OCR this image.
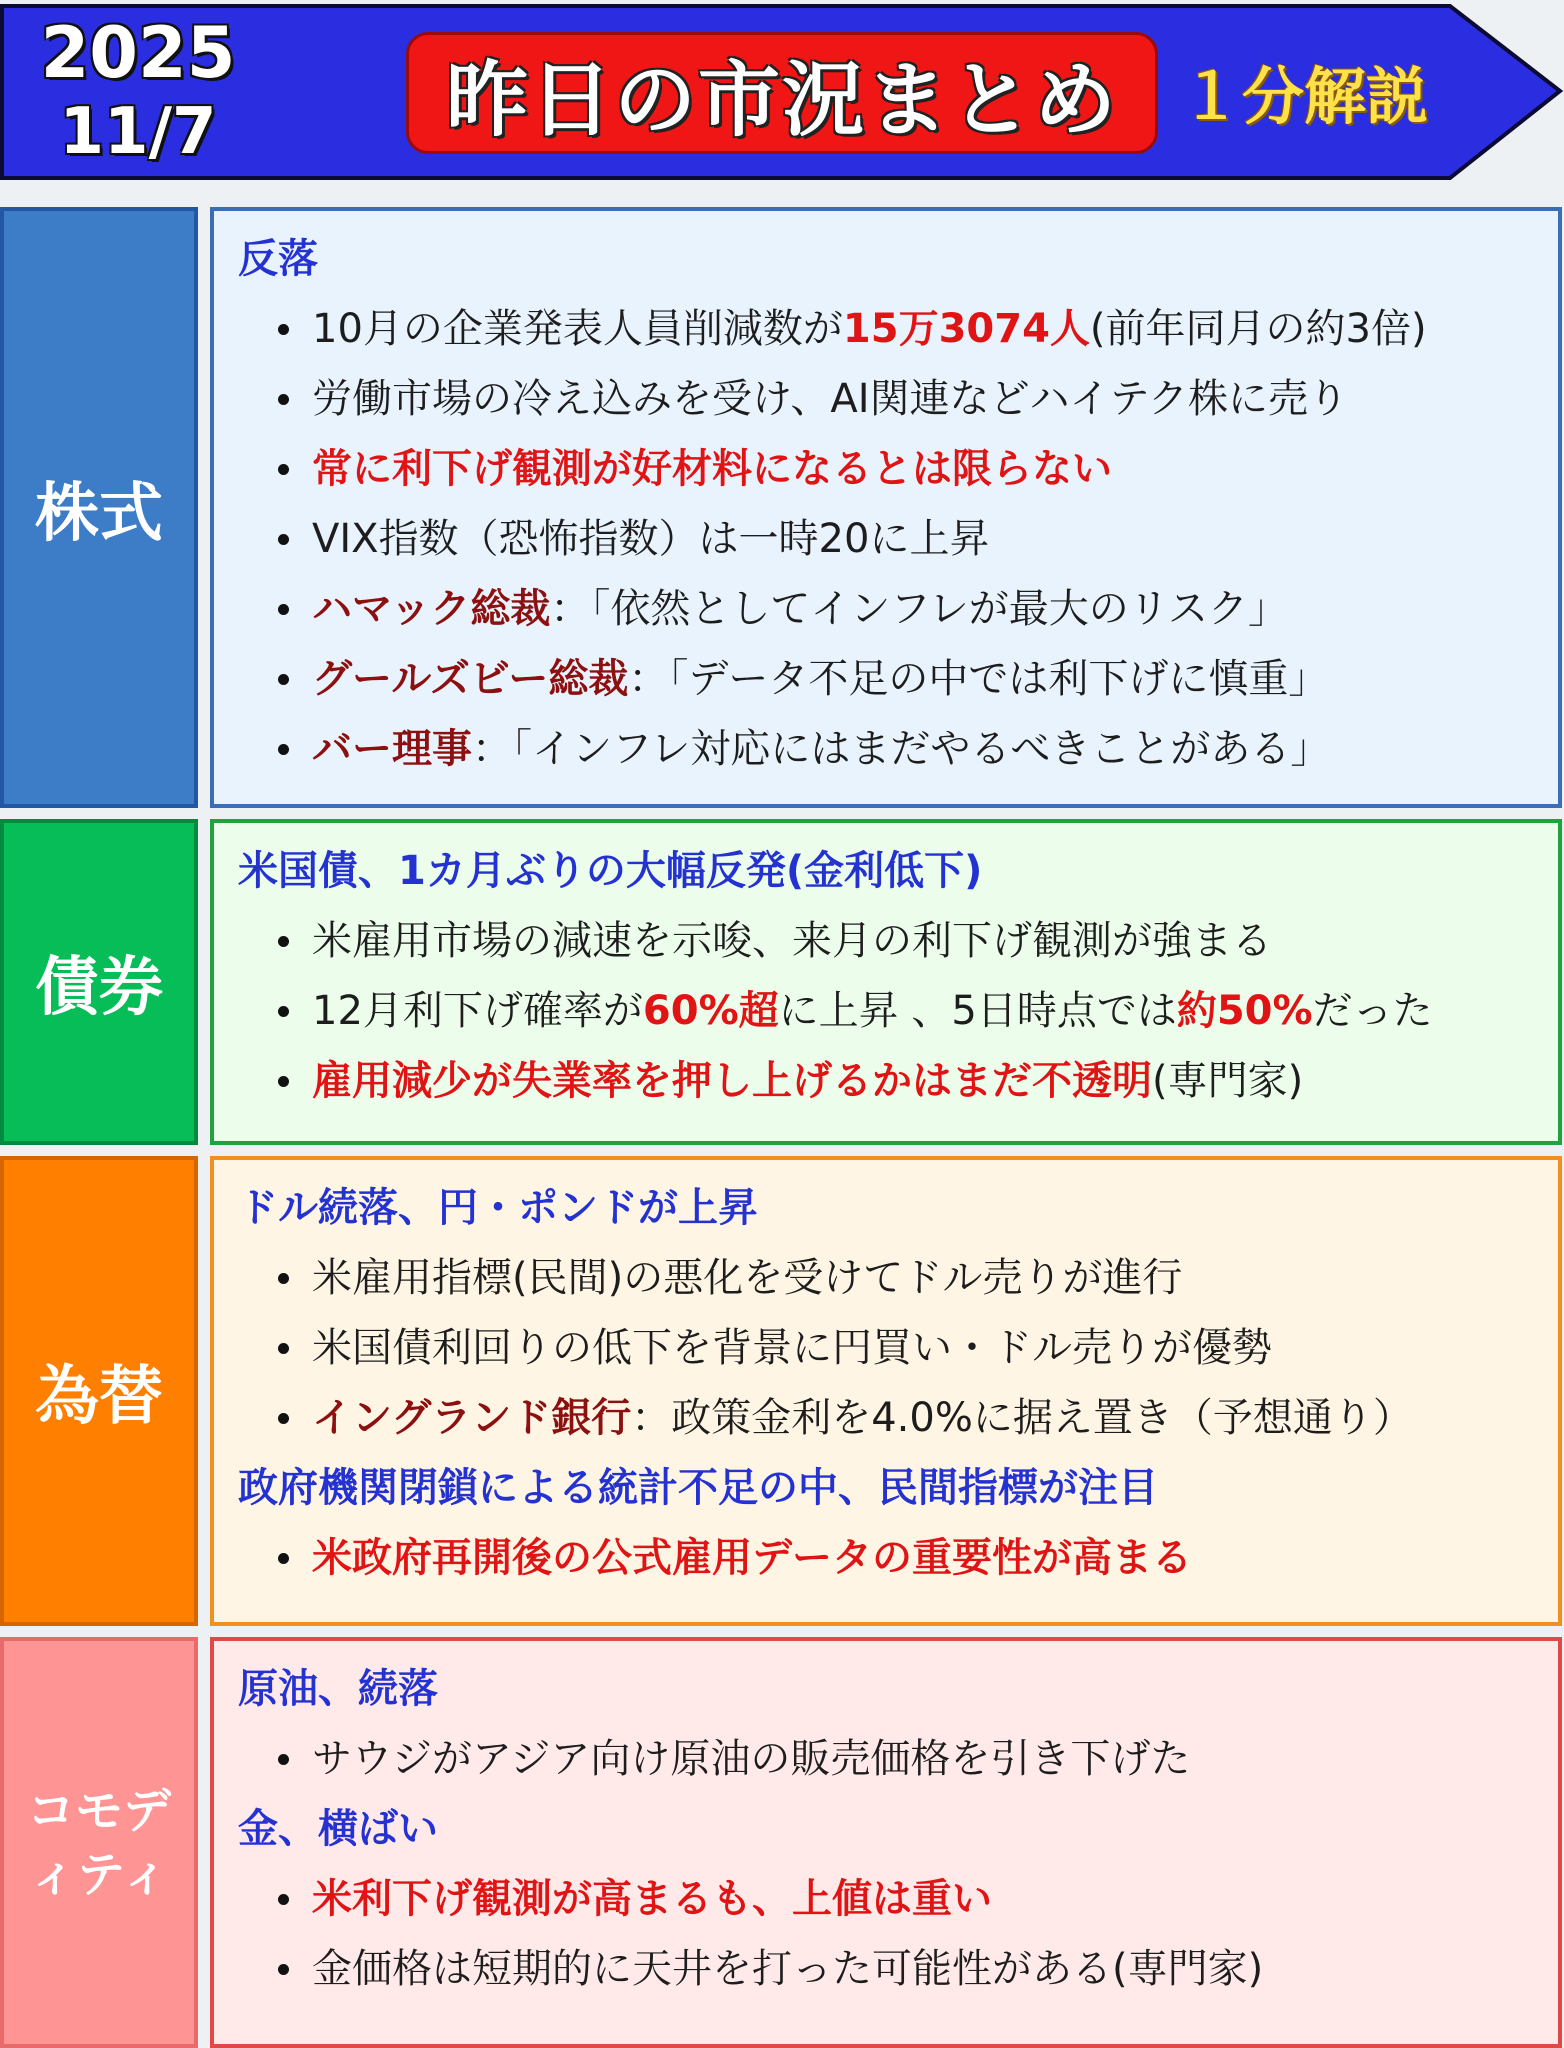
2025
11/7	昨日の市況まとめ １分解説
株式
反落
10月の企業発表人員削減数が15万3074人(前年同月の約3倍)
労働市場の冷え込みを受け、AI関連などハイテク株に売り
常に利下げ観測が好材料になるとは限らない
VIX指数（恐怖指数）は一時20に上昇
ハマック総裁：「依然としてインフレが最大のリスク」
グールズビー総裁：「データ不足の中では利下げに慎重」
バー理事：「インフレ対応にはまだやるべきことがある」
債券
米国債、1カ月ぶりの大幅反発(金利低下)
米雇用市場の減速を示唆、来月の利下げ観測が強まる
12月利下げ確率が60%超に上昇 、5日時点では約50%だった
雇用減少が失業率を押し上げるかはまだ不透明(専門家)
為替
ドル続落、円・ポンドが上昇
米雇用指標(民間)の悪化を受けてドル売りが進行
米国債利回りの低下を背景に円買い・ドル売りが優勢
イングランド銀行：政策金利を4.0%に据え置き（予想通り）
政府機関閉鎖による統計不足の中、民間指標が注目
米政府再開後の公式雇用データの重要性が高まる
コモデ
ィティ
原油、続落
サウジがアジア向け原油の販売価格を引き下げた
金、横ばい
米利下げ観測が高まるも、上値は重い
金価格は短期的に天井を打った可能性がある(専門家)
